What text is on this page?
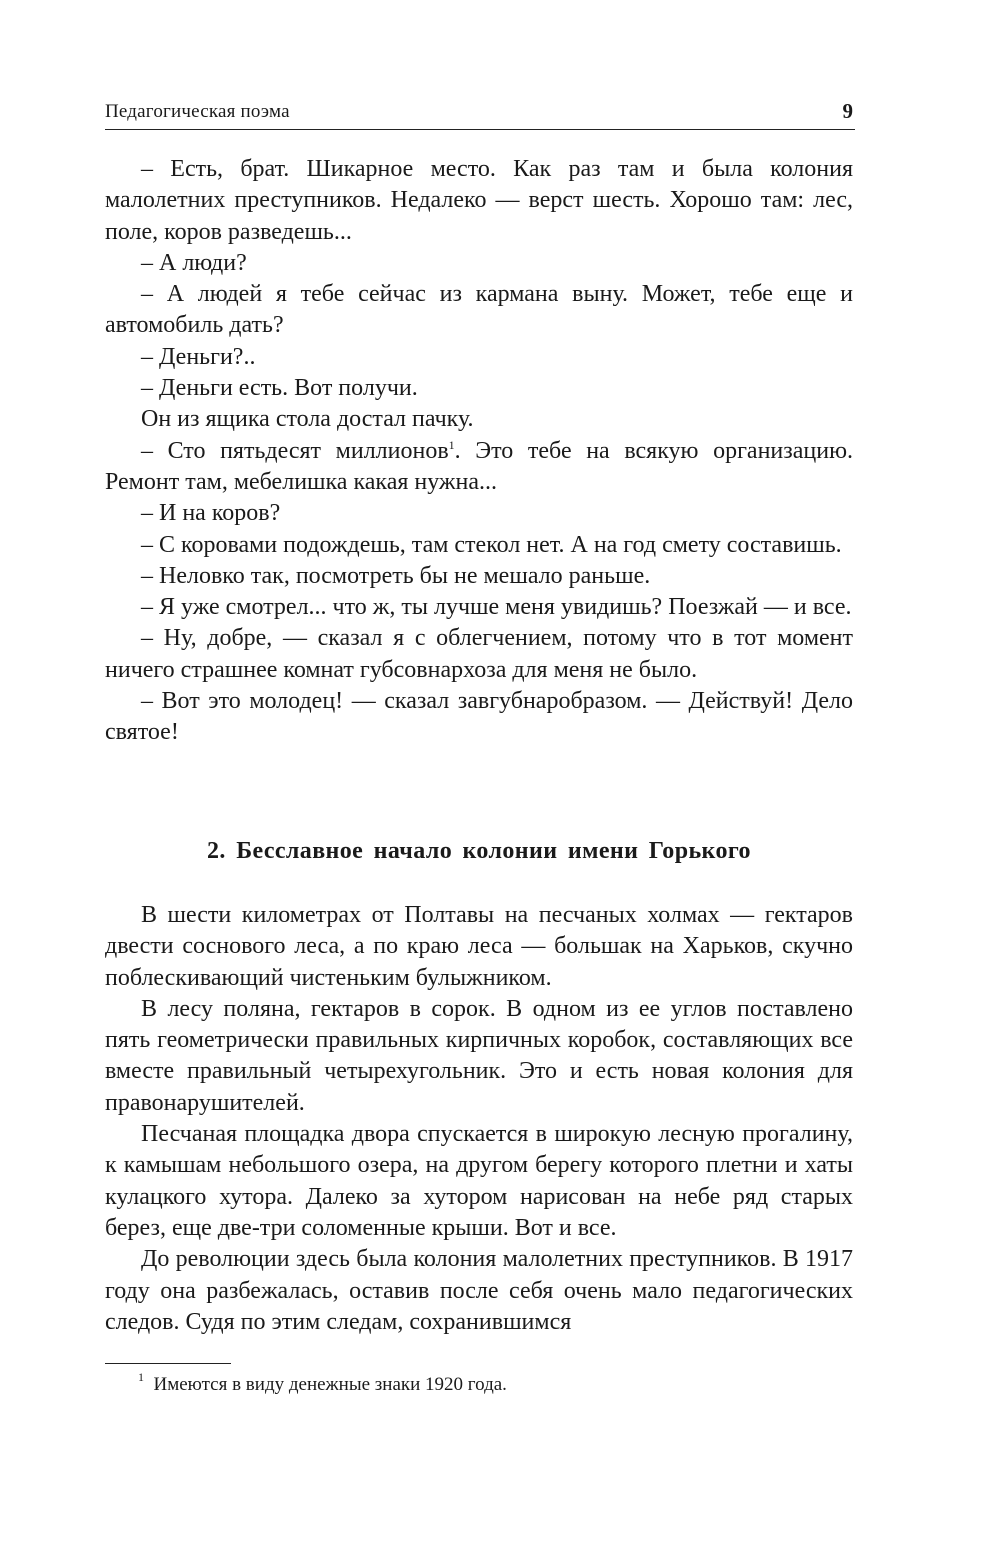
Педагогическая поэма	9

– Есть, брат. Шикарное место. Как раз там и была колония малолетних преступников. Недалеко — верст шесть. Хорошо там: лес, поле, коров разведешь...

– А люди?

– А людей я тебе сейчас из кармана выну. Может, тебе еще и автомобиль дать?

– Деньги?..

– Деньги есть. Вот получи.

Он из ящика стола достал пачку.

– Сто пятьдесят миллионов$^1$. Это тебе на всякую организацию. Ремонт там, мебелишка какая нужна...

– И на коров?

– С коровами подождешь, там стекол нет. А на год смету составишь.

– Неловко так, посмотреть бы не мешало раньше.

– Я уже смотрел... что ж, ты лучше меня увидишь? Поезжай — и все.

– Ну, добре, — сказал я с облегчением, потому что в тот момент ничего страшнее комнат губсовнархоза для меня не было.

– Вот это молодец! — сказал завгубнаробразом. — Действуй! Дело святое!

2. Бесславное начало колонии имени Горького

В шести километрах от Полтавы на песчаных холмах — гектаров двести соснового леса, а по краю леса — большак на Харьков, скучно поблескивающий чистеньким булыжником.

В лесу поляна, гектаров в сорок. В одном из ее углов поставлено пять геометрически правильных кирпичных коробок, составляющих все вместе правильный четырехугольник. Это и есть новая колония для правонарушителей.

Песчаная площадка двора спускается в широкую лесную прогалину, к камышам небольшого озера, на другом берегу которого плетни и хаты кулацкого хутора. Далеко за хутором нарисован на небе ряд старых берез, еще две-три соломенные крыши. Вот и все.

До революции здесь была колония малолетних преступников. В 1917 году она разбежалась, оставив после себя очень мало педагогических следов. Судя по этим следам, сохранившимся

$^1$ Имеются в виду денежные знаки 1920 года.
